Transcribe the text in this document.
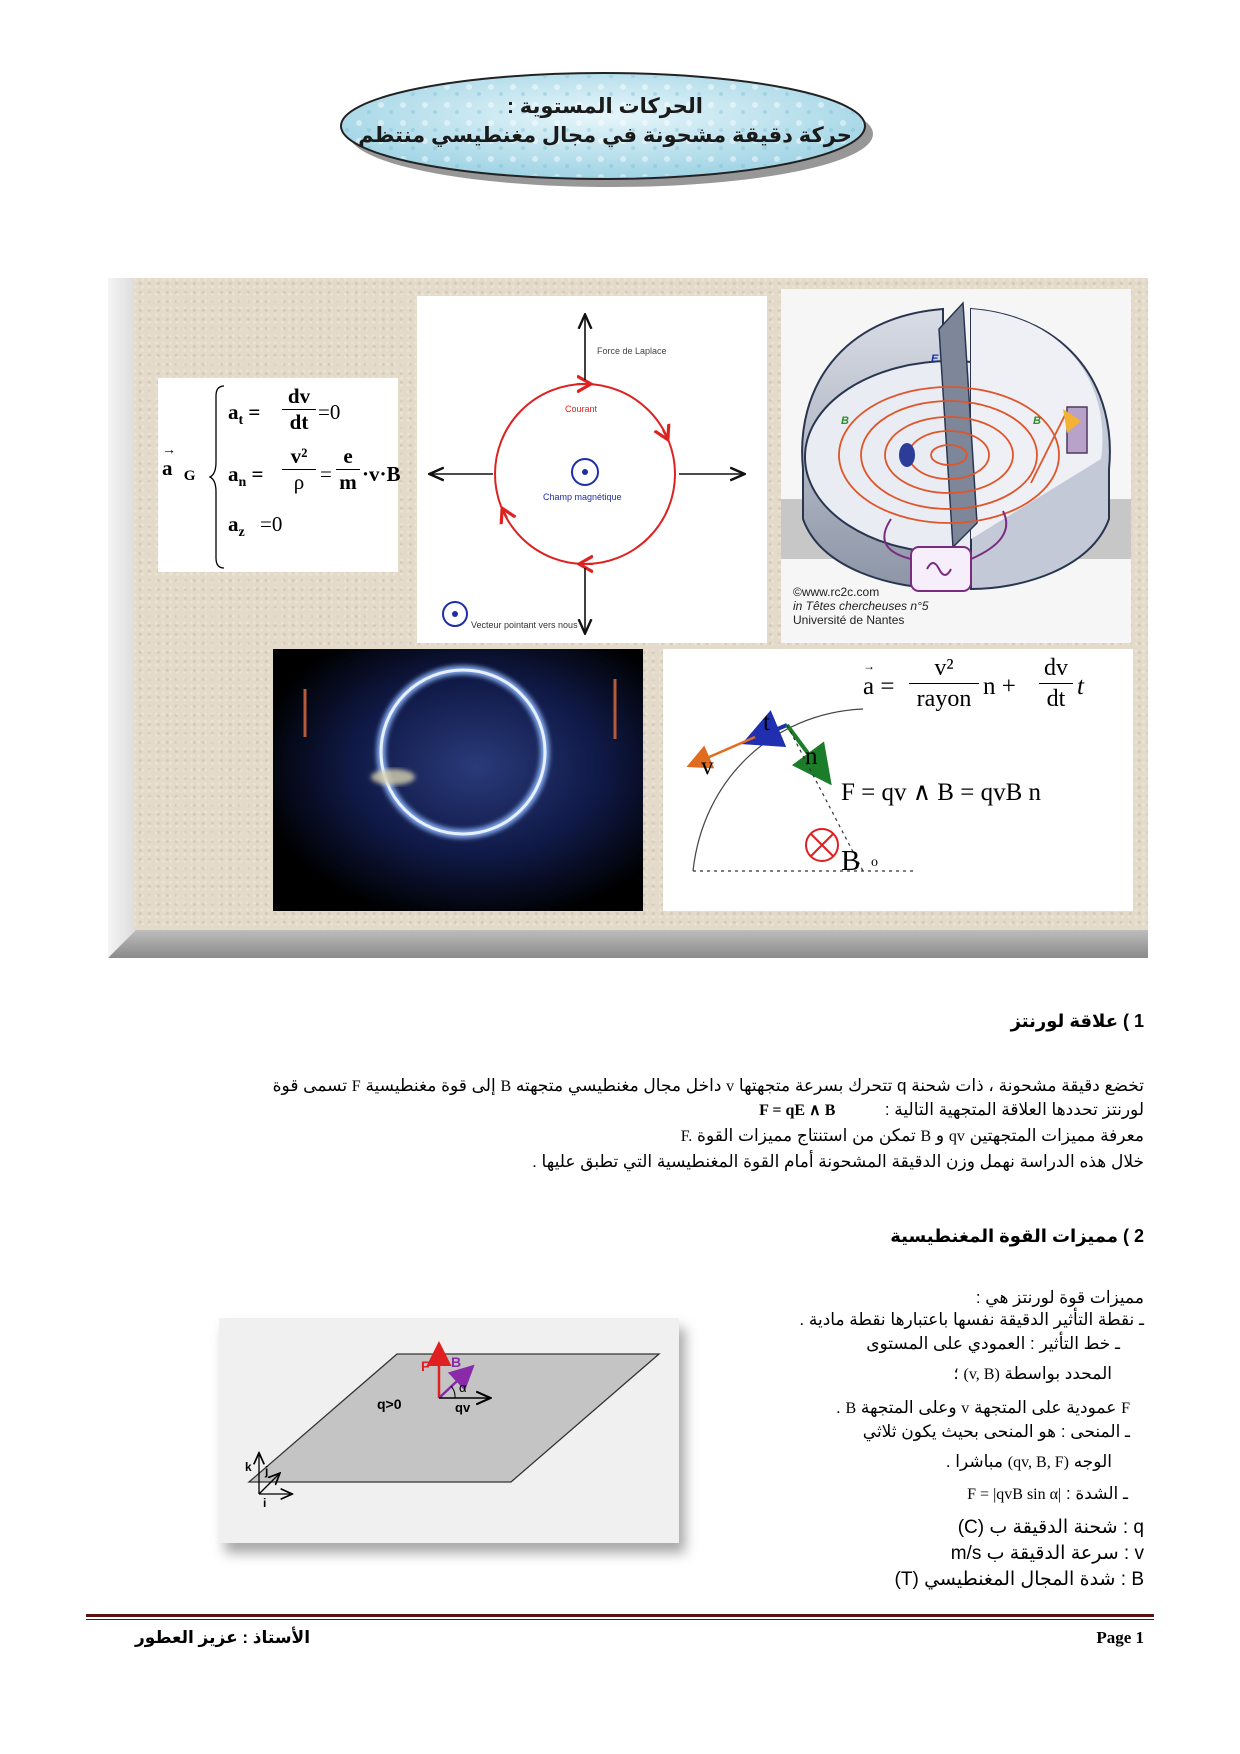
الحركات المستوية :
حركة دقيقة مشحونة في مجال مغنطيسي منتظم
→
a $_G$
$a_t$ =
dv
dt =0
$a_n$ =
v²
ρ =
e
m ·v·B
$a_z =0$
Force de Laplace
Courant
Champ magnétique
Vecteur pointant vers nous
E
B	B
©www.rc2c.com
in Têtes chercheuses n°5
Université de Nantes
→
a =
v²
rayon n +
dv
dt t
v
t
n
F = qv ∧ B = qvB n
B o
1 ) علاقة لورنتز
تخضع دقيقة مشحونة ، ذات شحنة q تتحرك بسرعة متجهتها v داخل مجال مغنطيسي متجهته B إلى قوة مغنطيسية F تسمى قوة
لورنتز تحددها العلاقة المتجهية التالية :  F = qE ∧ B
معرفة مميزات المتجهتين qv و B تمكن من استنتاج مميزات القوة F.
خلال هذه الدراسة نهمل وزن الدقيقة المشحونة أمام القوة المغنطيسية التي تطبق عليها .
2 ) مميزات القوة المغنطيسية
مميزات قوة لورنتز هي :
ـ نقطة التأثير الدقيقة نفسها باعتبارها نقطة مادية .
ـ خط التأثير : العمودي على المستوى
المحدد بواسطة (v, B) ؛
F عمودية على المتجهة v وعلى المتجهة B .
ـ المنحى : هو المنحى بحيث يكون ثلاثي
الوجه (qv, B, F) مباشرا .
ـ الشدة : F = |qvB sin α|
q : شحنة الدقيقة ب (C)
v : سرعة الدقيقة ب m/s
B : شدة المجال المغنطيسي (T)
F B
α
q>0	qv
k j
i
الأستاذ : عزيز العطور	Page 1
